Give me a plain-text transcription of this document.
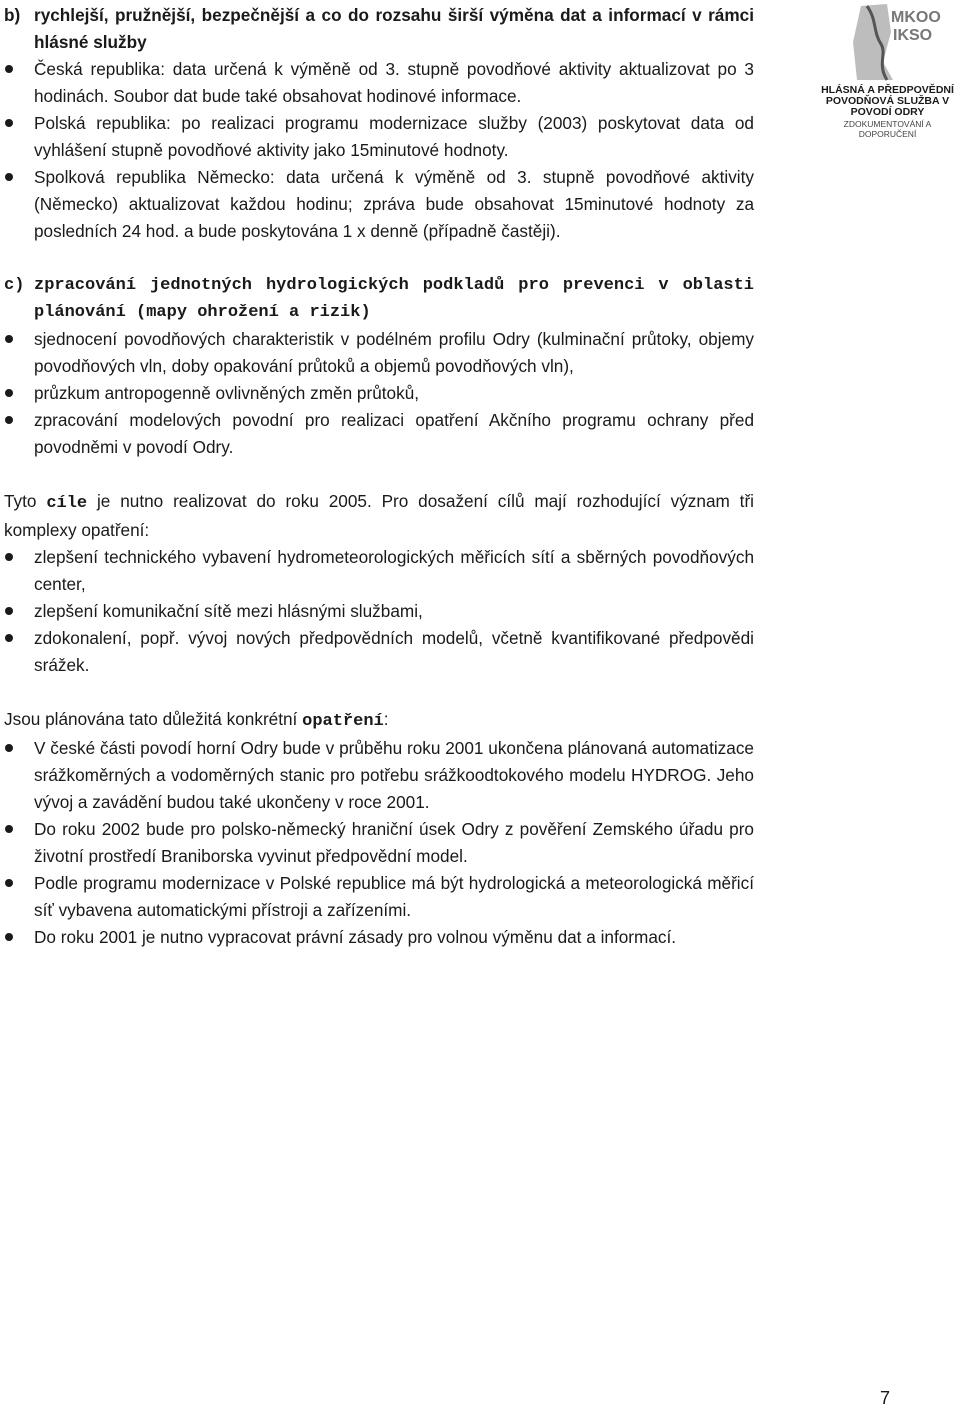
MKOO
IKSO
HLÁSNÁ A PŘEDPOVĚDNÍ POVODŇOVÁ SLUŽBA V POVODÍ ODRY
ZDOKUMENTOVÁNÍ A DOPORUČENÍ
b) rychlejší, pružnější, bezpečnější a co do rozsahu širší výměna dat a informací v rámci hlásné služby
Česká republika: data určená k výměně od 3. stupně povodňové aktivity aktualizovat po 3 hodinách. Soubor dat bude také obsahovat hodinové informace.
Polská republika: po realizaci programu modernizace služby (2003) poskytovat data od vyhlášení stupně povodňové aktivity jako 15minutové hodnoty.
Spolková republika Německo: data určená k výměně od 3. stupně povodňové aktivity (Německo) aktualizovat každou hodinu; zpráva bude obsahovat 15minutové hodnoty za posledních 24 hod. a bude poskytována 1 x denně (případně častěji).
c) zpracování jednotných hydrologických podkladů pro prevenci v oblasti plánování (mapy ohrožení a rizik)
sjednocení povodňových charakteristik v podélném profilu Odry (kulminační průtoky, objemy povodňových vln, doby opakování průtoků a objemů povodňových vln),
průzkum antropogenně ovlivněných změn průtoků,
zpracování modelových povodní pro realizaci opatření Akčního programu ochrany před povodněmi v povodí Odry.

Tyto cíle je nutno realizovat do roku 2005. Pro dosažení cílů mají rozhodující význam tři komplexy opatření:

zlepšení technického vybavení hydrometeorologických měřicích sítí a sběrných povodňových center,
zlepšení komunikační sítě mezi hlásnými službami,
zdokonalení, popř. vývoj nových předpovědních modelů, včetně kvantifikované předpovědi srážek.

Jsou plánována tato důležitá konkrétní opatření:

V české části povodí horní Odry bude v průběhu roku 2001 ukončena plánovaná automatizace srážkoměrných a vodoměrných stanic pro potřebu srážkoodtokového modelu HYDROG. Jeho vývoj a zavádění budou také ukončeny v roce 2001.
Do roku 2002 bude pro polsko-německý hraniční úsek Odry z pověření Zemského úřadu pro životní prostředí Braniborska vyvinut předpovědní model.
Podle programu modernizace v Polské republice má být hydrologická a meteorologická měřicí síť vybavena automatickými přístroji a zařízeními.
Do roku 2001 je nutno vypracovat právní zásady pro volnou výměnu dat a informací.
7
